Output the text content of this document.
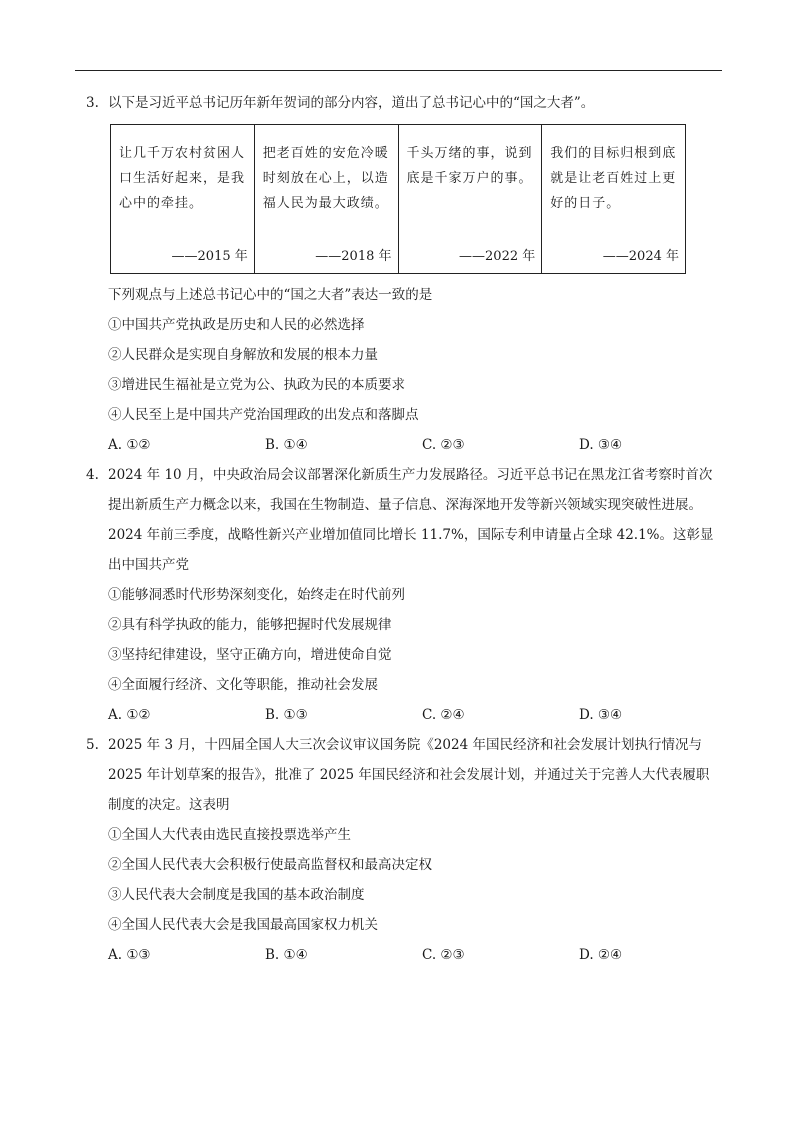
3. 以下是习近平总书记历年新年贺词的部分内容，道出了总书记心中的“国之大者”。

让几千万农村贫困人口生活好起来，是我心中的牵挂。
——2015 年

把老百姓的安危冷暖时刻放在心上，以造福人民为最大政绩。
——2018 年

千头万绪的事，说到底是千家万户的事。
——2022 年

我们的目标归根到底就是让老百姓过上更好的日子。
——2024 年

下列观点与上述总书记心中的“国之大者”表达一致的是

①中国共产党执政是历史和人民的必然选择

②人民群众是实现自身解放和发展的根本力量

③增进民生福祉是立党为公、执政为民的本质要求

④人民至上是中国共产党治国理政的出发点和落脚点

A. ①②	B. ①④	C. ②③	D. ③④

4. 2024 年 10 月，中央政治局会议部署深化新质生产力发展路径。习近平总书记在黑龙江省考察时首次提出新质生产力概念以来，我国在生物制造、量子信息、深海深地开发等新兴领域实现突破性进展。2024 年前三季度，战略性新兴产业增加值同比增长 11.7%，国际专利申请量占全球 42.1%。这彰显出中国共产党

①能够洞悉时代形势深刻变化，始终走在时代前列

②具有科学执政的能力，能够把握时代发展规律

③坚持纪律建设，坚守正确方向，增进使命自觉

④全面履行经济、文化等职能，推动社会发展

A. ①②	B. ①③	C. ②④	D. ③④

5. 2025 年 3 月，十四届全国人大三次会议审议国务院《2024 年国民经济和社会发展计划执行情况与 2025 年计划草案的报告》，批准了 2025 年国民经济和社会发展计划，并通过关于完善人大代表履职制度的决定。这表明

①全国人大代表由选民直接投票选举产生

②全国人民代表大会积极行使最高监督权和最高决定权

③人民代表大会制度是我国的基本政治制度

④全国人民代表大会是我国最高国家权力机关

A. ①③	B. ①④	C. ②③	D. ②④
